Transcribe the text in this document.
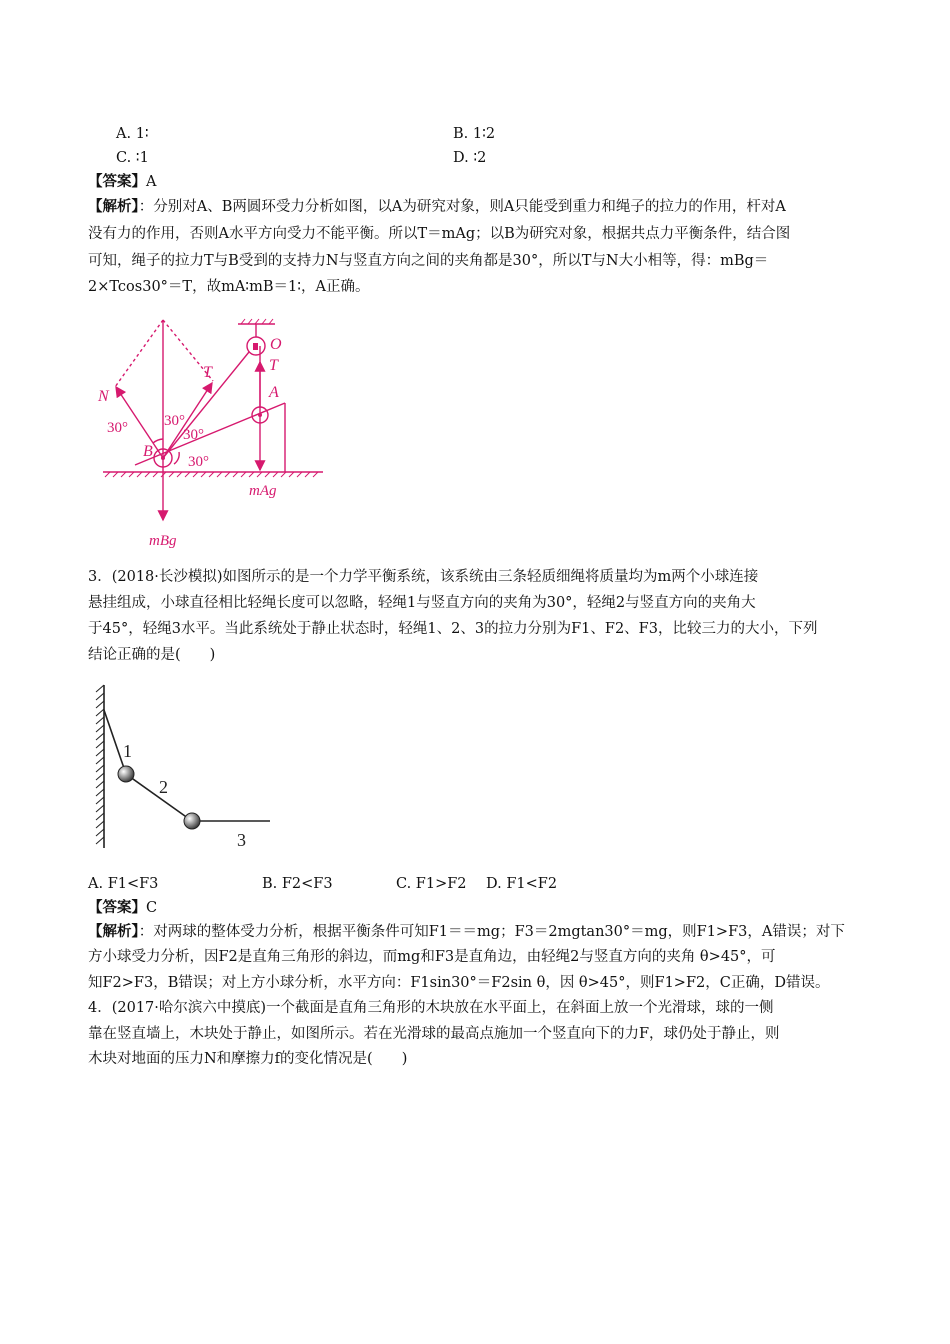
A. 1∶	B. 1∶2
C. ∶1	D. ∶2
【答案】A
【解析】：分别对A、B两圆环受力分析如图，以A为研究对象，则A只能受到重力和绳子的拉力的作用，杆对A
没有力的作用，否则A水平方向受力不能平衡。所以T＝mAg；以B为研究对象，根据共点力平衡条件，结合图
可知，绳子的拉力T与B受到的支持力N与竖直方向之间的夹角都是30°，所以T与N大小相等，得：mBg＝
2×Tcos30°＝T，故mA∶mB＝1∶，A正确。
N
T	T
O
A
B
mAg
mBg
30° 30°
30°
30°
3．(2018·长沙模拟)如图所示的是一个力学平衡系统，该系统由三条轻质细绳将质量均为m两个小球连接
悬挂组成，小球直径相比轻绳长度可以忽略，轻绳1与竖直方向的夹角为30°，轻绳2与竖直方向的夹角大
于45°，轻绳3水平。当此系统处于静止状态时，轻绳1、2、3的拉力分别为F1、F2、F3，比较三力的大小，下列
结论正确的是(　　)
1
2
3
A. F1<F3	B. F2<F3	C. F1>F2 D. F1<F2
【答案】C
【解析】：对两球的整体受力分析，根据平衡条件可知F1＝＝mg；F3＝2mgtan30°＝mg，则F1>F3，A错误；对下
方小球受力分析，因F2是直角三角形的斜边，而mg和F3是直角边，由轻绳2与竖直方向的夹角 θ>45°，可
知F2>F3，B错误；对上方小球分析，水平方向：F1sin30°＝F2sin θ，因 θ>45°，则F1>F2，C正确，D错误。
4．(2017·哈尔滨六中摸底)一个截面是直角三角形的木块放在水平面上，在斜面上放一个光滑球，球的一侧
靠在竖直墙上，木块处于静止，如图所示。若在光滑球的最高点施加一个竖直向下的力F，球仍处于静止，则
木块对地面的压力N和摩擦力f的变化情况是(　　)
